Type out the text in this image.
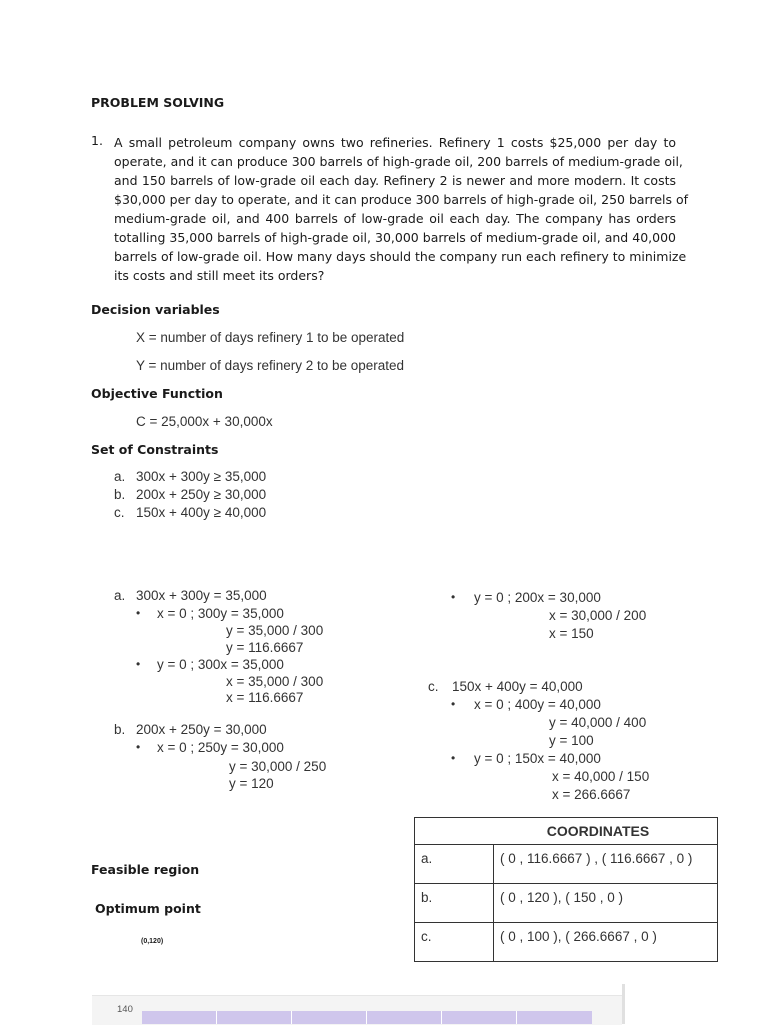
PROBLEM SOLVING
1. A small petroleum company owns two refineries. Refinery 1 costs $25,000 per day to
operate, and it can produce 300 barrels of high-grade oil, 200 barrels of medium-grade oil,
and 150 barrels of low-grade oil each day. Refinery 2 is newer and more modern. It costs
$30,000 per day to operate, and it can produce 300 barrels of high-grade oil, 250 barrels of
medium-grade oil, and 400 barrels of low-grade oil each day. The company has orders
totalling 35,000 barrels of high-grade oil, 30,000 barrels of medium-grade oil, and 40,000
barrels of low-grade oil. How many days should the company run each refinery to minimize
its costs and still meet its orders?
Decision variables
X = number of days refinery 1 to be operated
Y = number of days refinery 2 to be operated
Objective Function
C = 25,000x + 30,000x
Set of Constraints
a. 300x + 300y ≥ 35,000
b. 200x + 250y ≥ 30,000
c. 150x + 400y ≥ 40,000
a. 300x + 300y = 35,000
• x = 0 ; 300y = 35,000
y = 35,000 / 300
y = 116.6667
• y = 0 ; 300x = 35,000
x = 35,000 / 300
x = 116.6667
b. 200x + 250y = 30,000
• x = 0 ; 250y = 30,000
y = 30,000 / 250
y = 120
• y = 0 ; 200x = 30,000
x = 30,000 / 200
x = 150
c. 150x + 400y = 40,000
• x = 0 ; 400y = 40,000
y = 40,000 / 400
y = 100
• y = 0 ; 150x = 40,000
x = 40,000 / 150
x = 266.6667
Feasible region
Optimum point
(0,120)
COORDINATES	
a.	( 0 , 116.6667 ) , ( 116.6667 , 0 )
b.	( 0 , 120 ), ( 150 , 0 )
c.	( 0 , 100 ), ( 266.6667 , 0 )
140
